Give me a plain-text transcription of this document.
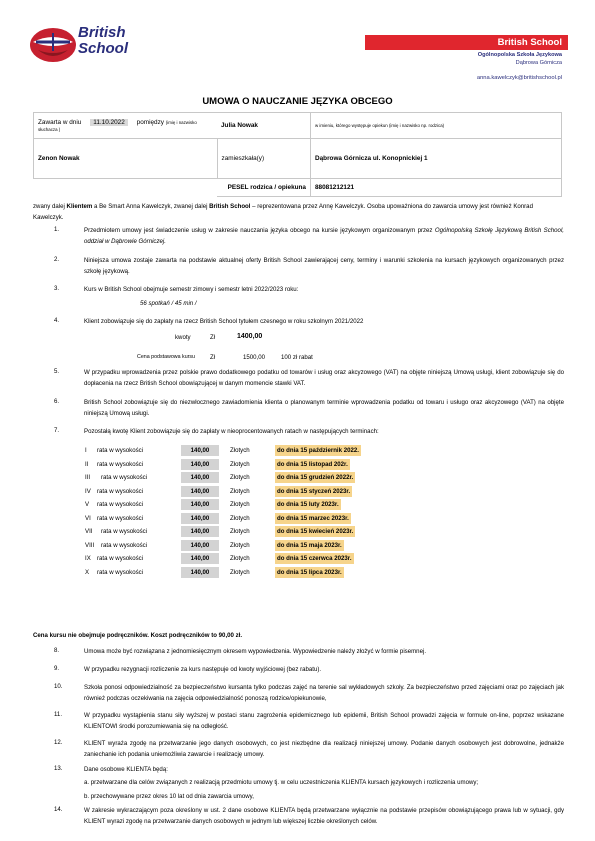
British School	British School
Ogólnopolska Szkoła Językowa
Dąbrowa Górnicza
anna.kawelczyk@britishschool.pl
UMOWA O NAUCZANIE JĘZYKA OBCEGO
Zawarta w dniu 11.10.2022 pomiędzy (imię i nazwisko słuchacza )	Julia Nowak	w imieniu, którego występuje opiekun (imię i nazwisko np. rodzica)
Zenon Nowak	zamieszkała(y)	Dąbrowa Górnicza ul. Konopnickiej 1
	PESEL rodzica / opiekuna	88081212121
zwany dalej Klientem a Be Smart Anna Kawelczyk, zwanej dalej British School – reprezentowana przez Annę Kawelczyk. Osoba upoważniona do zawarcia umowy jest również Konrad Kawelczyk.
1.	Przedmiotem umowy jest świadczenie usług w zakresie nauczania języka obcego na kursie językowym organizowanym przez Ogólnopolską Szkołę Językową British School, oddział w Dąbrowie Górniczej.
2.	Niniejsza umowa zostaje zawarta na podstawie aktualnej oferty British School zawierającej ceny, terminy i warunki szkolenia na kursach językowych organizowanych przez szkołę językową.
3.	Kurs w British School obejmuje semestr zimowy i semestr letni 2022/2023 roku:
56 spotkań / 45 min /
4.	Klient zobowiązuje się do zapłaty na rzecz British School tytułem czesnego w roku szkolnym 2021/2022
kwoty	Zł	1400,00
Cena podstawowa kursu Zł	1500,00	100 zł rabat
5.	W przypadku wprowadzenia przez polskie prawo dodatkowego podatku od towarów i usług oraz akcyzowego (VAT) na objęte niniejszą Umową usługi, klient zobowiązuje się do dopłacenia na rzecz British School obowiązującej w danym momencie stawki VAT.
6.	British School zobowiązuje się do niezwłocznego zawiadomienia klienta o planowanym terminie wprowadzenia podatku od towaru i usługo oraz akcyzowego (VAT) na objęte niniejszą Umową usługi.
7.	Pozostałą kwotę Klient zobowiązuje się do zapłaty w nieoprocentowanych ratach w następujących terminach:
I	rata w wysokości	140,00	Złotych	do dnia 15 październik 2022.
II	rata w wysokości	140,00	Złotych	do dnia 15 listopad 202r.
III	rata w wysokości	140,00	Złotych	do dnia 15 grudzień 2022r.
IV	rata w wysokości	140,00	Złotych	do dnia 15 styczeń 2023r.
V	rata w wysokości	140,00	Złotych	do dnia 15 luty 2023r.
VI	rata w wysokości	140,00	Złotych	do dnia 15 marzec 2023r.
VII	rata w wysokości	140,00	Złotych	do dnia 15 kwiecień 2023r.
VIII	rata w wysokości	140,00	Złotych	do dnia 15 maja 2023r.
IX	rata w wysokości	140,00	Złotych	do dnia 15 czerwca 2023r.
X	rata w wysokości	140,00	Złotych	do dnia 15 lipca 2023r.
Cena kursu nie obejmuje podręczników. Koszt podręczników to 90,00 zł.
8.	Umowa może być rozwiązana z jednomiesięcznym okresem wypowiedzenia. Wypowiedzenie należy złożyć w formie pisemnej.
9.	W przypadku rezygnacji rozliczenie za kurs następuje od kwoty wyjściowej (bez rabatu).
10.	Szkoła ponosi odpowiedzialność za bezpieczeństwo kursanta tylko podczas zajęć na terenie sal wykładowych szkoły. Za bezpieczeństwo przed zajęciami oraz po zajęciach jak również podczas oczekiwania na zajęcia odpowiedzialność ponoszą rodzice/opiekunowie,
11.	W przypadku wystąpienia stanu siły wyższej w postaci stanu zagrożenia epidemicznego lub epidemii, British School prowadzi zajęcia w formule on-line, poprzez wskazane KLIENTOWI środki porozumiewania się na odległość.
12.	KLIENT wyraża zgodę na przetwarzanie jego danych osobowych, co jest niezbędne dla realizacji niniejszej umowy. Podanie danych osobowych jest dobrowolne, jednakże zaniechanie ich podania uniemożliwia zawarcie i realizację umowy.
13.	Dane osobowe KLIENTA będą:
a. przetwarzane dla celów związanych z realizacją przedmiotu umowy tj. w celu uczestniczenia KLIENTA kursach językowych i rozliczenia umowy;
b. przechowywane przez okres 10 lat od dnia zawarcia umowy,
14.	W zakresie wykraczającym poza określony w ust. 2 dane osobowe KLIENTA będą przetwarzane wyłącznie na podstawie przepisów obowiązującego prawa lub w sytuacji, gdy KLIENT wyrazi zgodę na przetwarzanie danych osobowych w jednym lub większej liczbie określonych celów.
